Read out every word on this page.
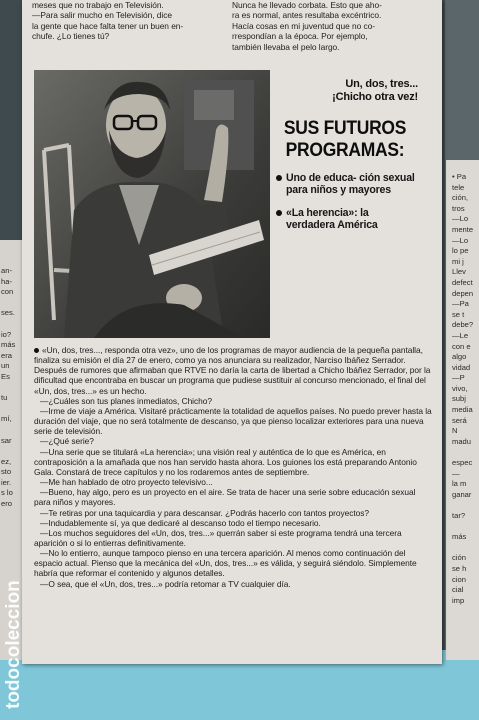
meses que no trabajo en Televisión.

—Para salir mucho en Televisión, dice

la gente que hace falta tener un buen en-

chufe. ¿Lo tienes tú?

Nunca he llevado corbata. Esto que aho-

ra es normal, antes resultaba excéntrico.

Hacía cosas en mi juventud que no co-

rrespondían a la época. Por ejemplo,

también llevaba el pelo largo.

Un, dos, tres...
¡Chicho otra vez!
SUS FUTUROS
PROGRAMAS:
Uno de educa- ción sexual para niños y mayores
«La herencia»: la verdadera América

«Un, dos, tres..., responda otra vez», uno de los programas de mayor audiencia de la pequeña pantalla, finaliza su emisión el día 27 de enero, como ya nos anunciara su realizador, Narciso Ibáñez Serrador. Después de rumores que afirmaban que RTVE no daría la carta de libertad a Chicho Ibáñez Serrador, por la dificultad que encontraba en buscar un programa que pudiese sustituir al concurso mencionado, el final del «Un, dos, tres...» es un hecho.

—¿Cuáles son tus planes inmediatos, Chicho?

—Irme de viaje a América. Visitaré prácticamente la totalidad de aquellos países. No puedo prever hasta la duración del viaje, que no será totalmente de descanso, ya que pienso localizar exteriores para una nueva serie de televisión.

—¿Qué serie?

—Una serie que se titulará «La herencia»; una visión real y auténtica de lo que es América, en contraposición a la amañada que nos han servido hasta ahora. Los guiones los está preparando Antonio Gala. Constará de trece capítulos y no los rodaremos antes de septiembre.

—Me han hablado de otro proyecto televisivo...

—Bueno, hay algo, pero es un proyecto en el aire. Se trata de hacer una serie sobre educación sexual para niños y mayores.

—Te retiras por una taquicardia y para descansar. ¿Podrás hacerlo con tantos proyectos?

—Indudablemente sí, ya que dedicaré al descanso todo el tiempo necesario.

—Los muchos seguidores del «Un, dos, tres...» querrán saber si este programa tendrá una tercera aparición o si lo entierras definitivamente.

—No lo entierro, aunque tampoco pienso en una tercera aparición. Al menos como continuación del espacio actual. Pienso que la mecánica del «Un, dos, tres...» es válida, y seguirá siéndolo. Simplemente habría que reformar el contenido y algunos detalles.

—O sea, que el «Un, dos, tres...» podría retomar a TV cualquier día.

an-
ha-
con

ses.

io?
más
era
un
Es

tu

mí,

sar

ez,
sto
ier.
s lo
ero
• Pa
tele
ción,
tros
—Lo
mente
—Lo
lo pe
mi j
Llev
defect
depen
—Pa
se t
debe?
—Le
con e
algo
vidad
—P
vivo,
subj
media
será
N
madu

espec
—
la m
ganar

tar?

más

ción
se h
cion
cial
imp
todocoleccion
